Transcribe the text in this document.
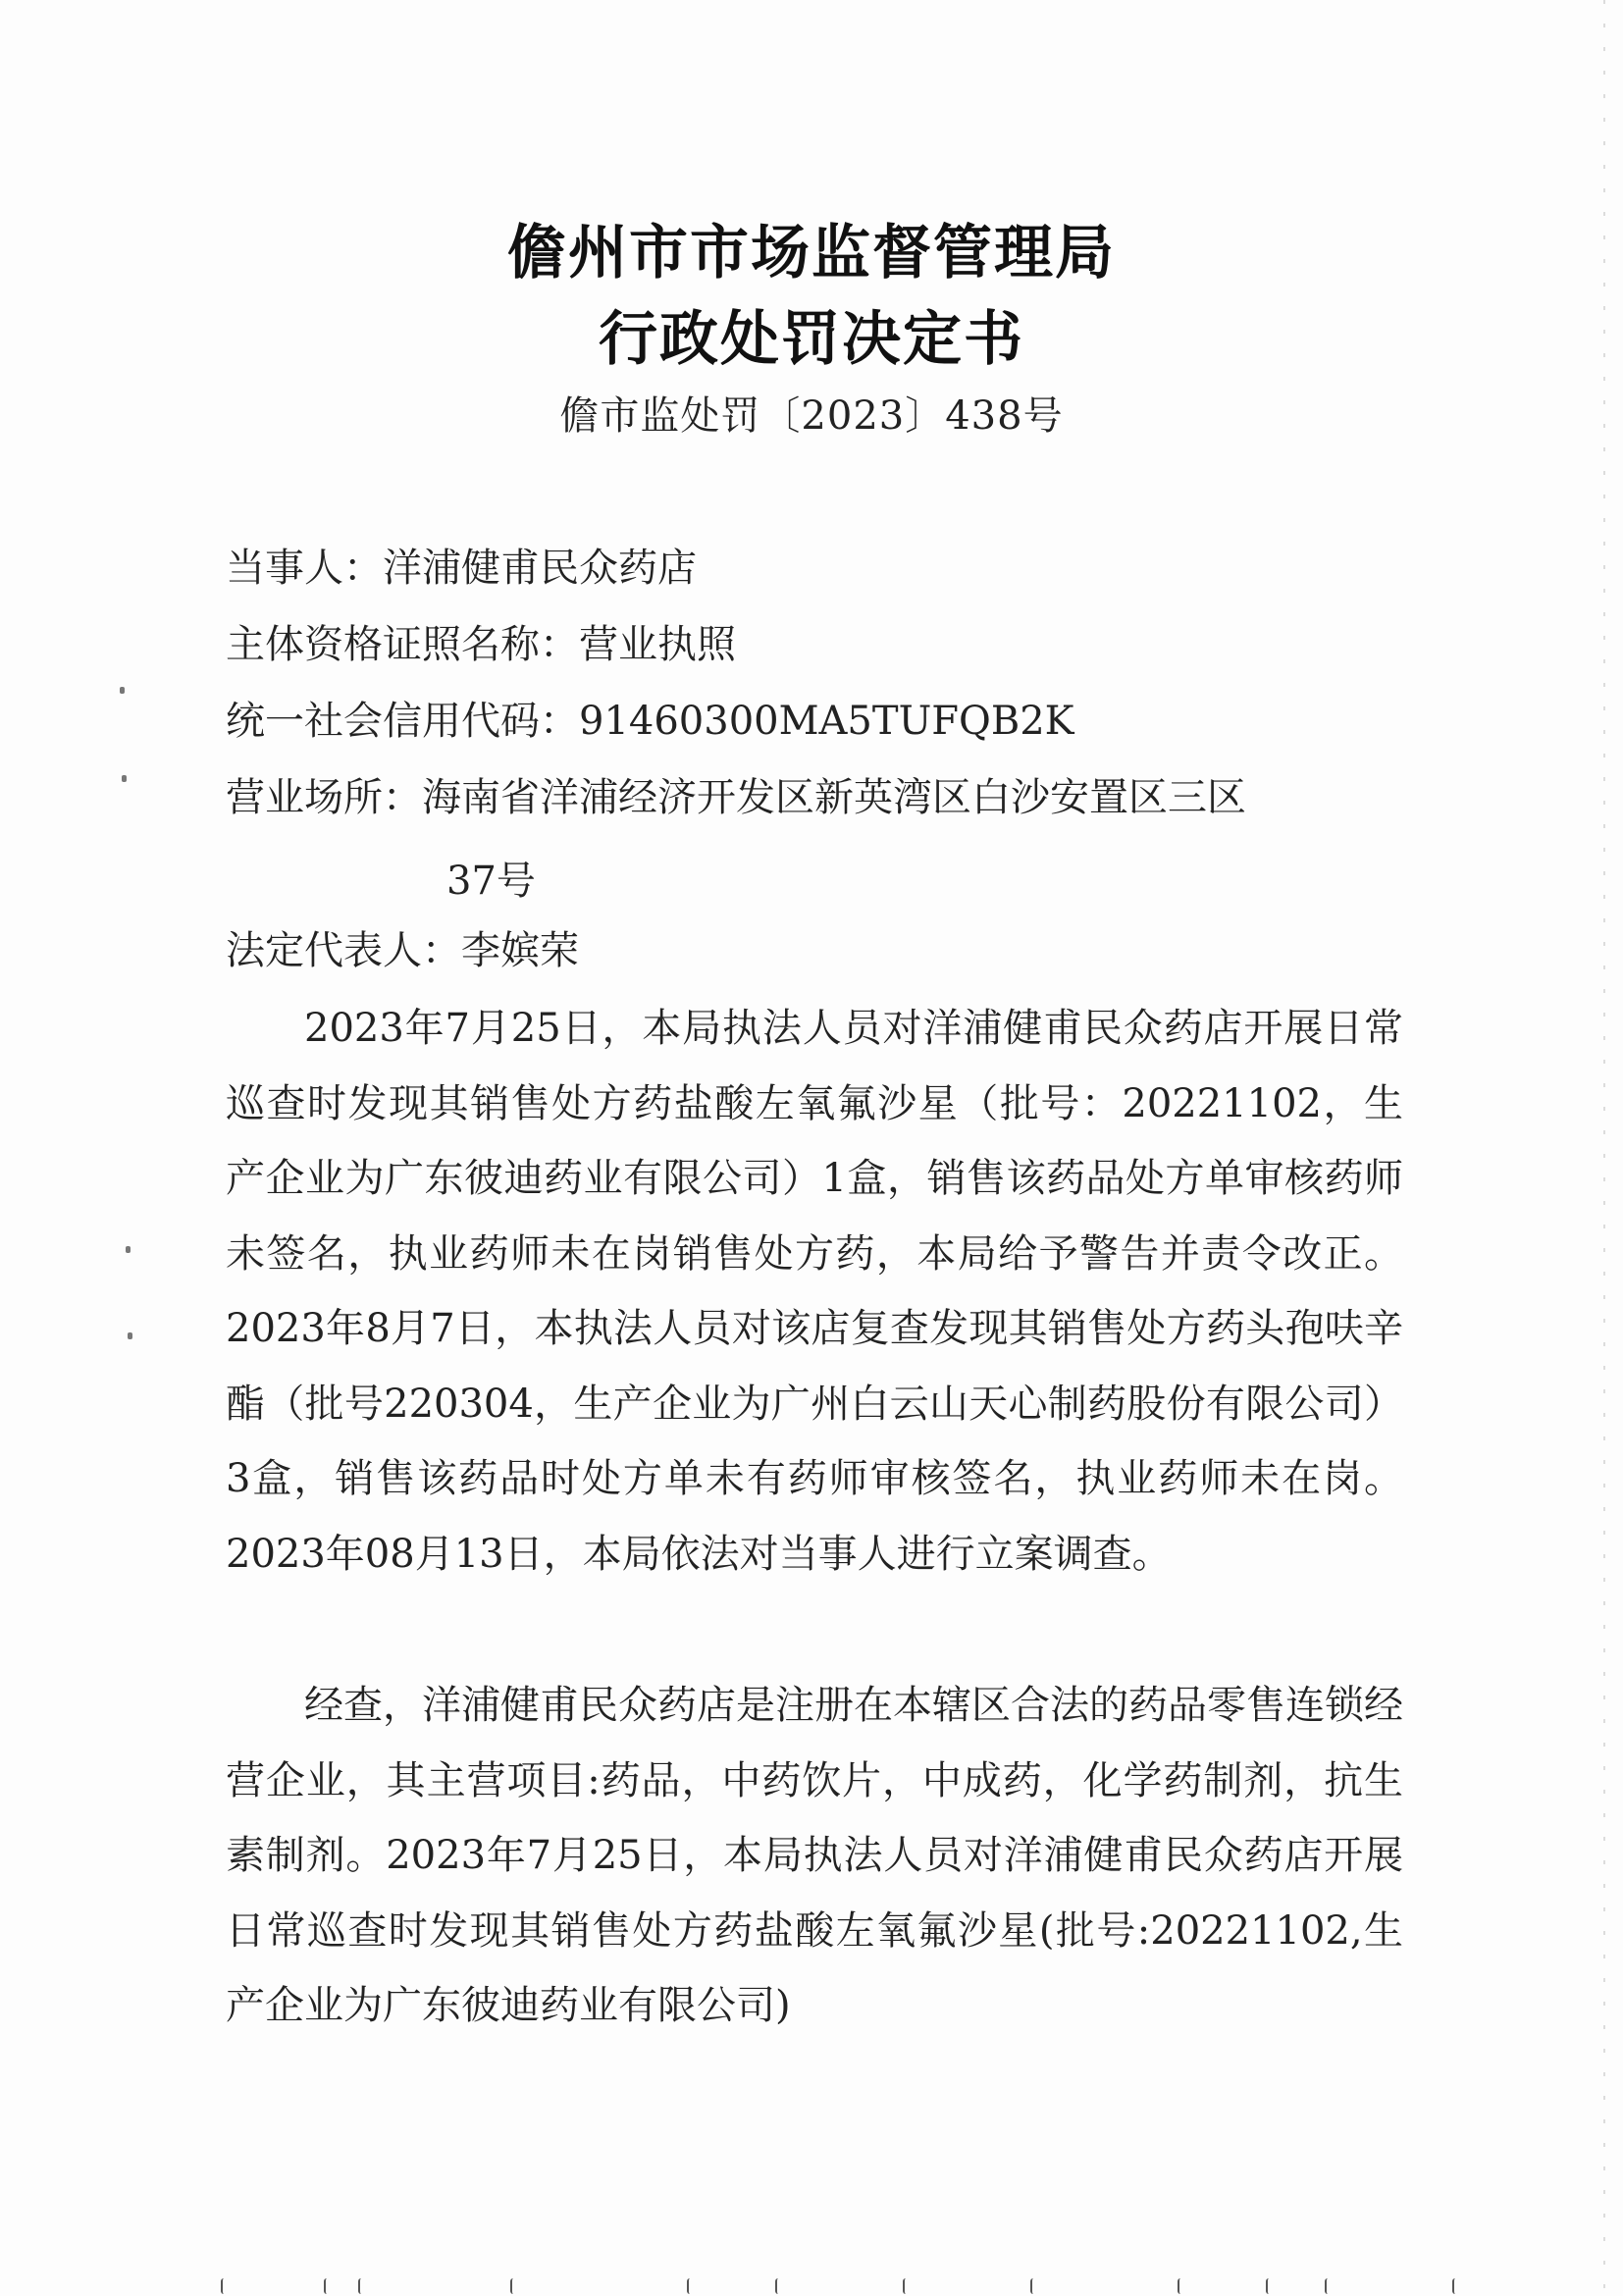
儋州市市场监督管理局
行政处罚决定书
儋市监处罚〔2023〕438号
当事人：洋浦健甫民众药店
主体资格证照名称：营业执照
统一社会信用代码：91460300MA5TUFQB2K
营业场所：海南省洋浦经济开发区新英湾区白沙安置区三区
37号
法定代表人：李嫔荣
2023年7月25日，本局执法人员对洋浦健甫民众药店开展日常巡查时发现其销售处方药盐酸左氧氟沙星（批号：20221102，生产企业为广东彼迪药业有限公司）1盒，销售该药品处方单审核药师未签名，执业药师未在岗销售处方药，本局给予警告并责令改正。2023年8月7日，本执法人员对该店复查发现其销售处方药头孢呋辛酯（批号220304，生产企业为广州白云山天心制药股份有限公司）3盒，销售该药品时处方单未有药师审核签名，执业药师未在岗。2023年08月13日，本局依法对当事人进行立案调查。
经查，洋浦健甫民众药店是注册在本辖区合法的药品零售连锁经营企业，其主营项目:药品，中药饮片，中成药，化学药制剂，抗生素制剂。2023年7月25日，本局执法人员对洋浦健甫民众药店开展日常巡查时发现其销售处方药盐酸左氧氟沙星(批号:20221102,生产企业为广东彼迪药业有限公司)
